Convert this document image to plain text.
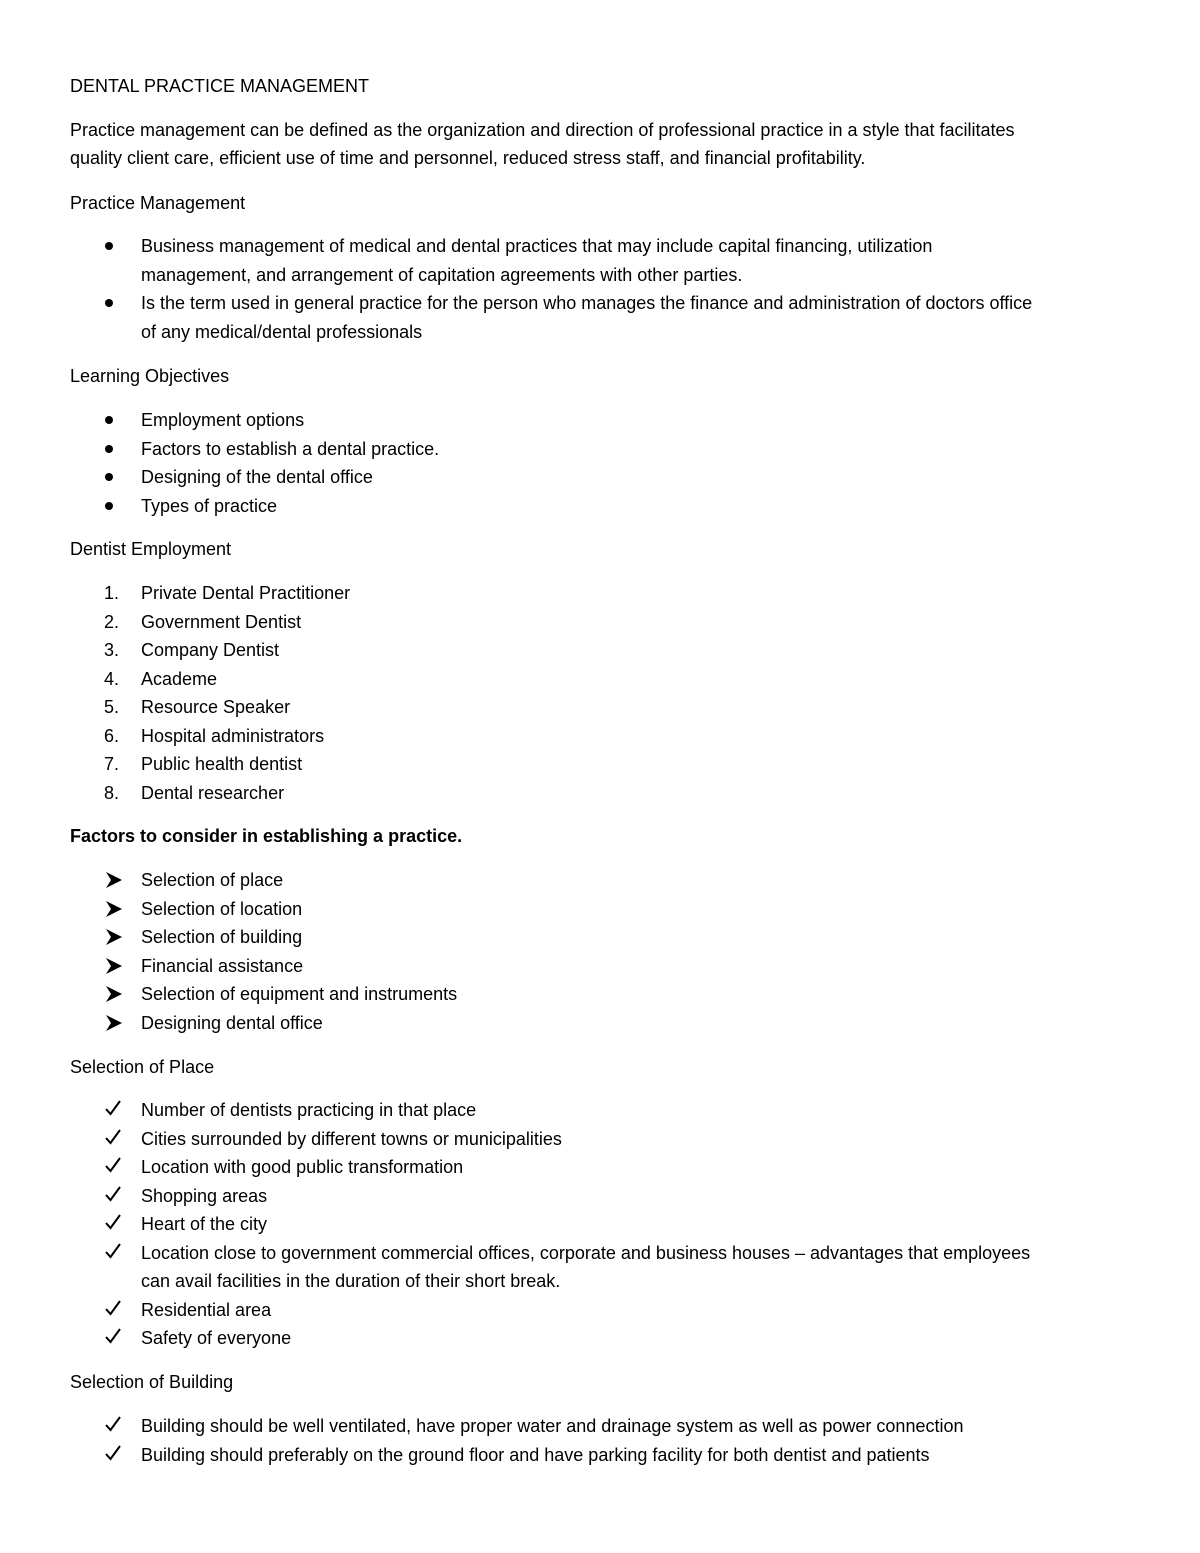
DENTAL PRACTICE MANAGEMENT

Practice management can be defined as the organization and direction of professional practice in a style that facilitates

quality client care, efficient use of time and personnel, reduced stress staff, and financial profitability.

Practice Management

Business management of medical and dental practices that may include capital financing, utilization
management, and arrangement of capitation agreements with other parties.
Is the term used in general practice for the person who manages the finance and administration of doctors office
of any medical/dental professionals

Learning Objectives

Employment options
Factors to establish a dental practice.
Designing of the dental office
Types of practice

Dentist Employment

1.	Private Dental Practitioner
2.	Government Dentist
3.	Company Dentist
4.	Academe
5.	Resource Speaker
6.	Hospital administrators
7.	Public health dentist
8.	Dental researcher

Factors to consider in establishing a practice.

Selection of place
Selection of location
Selection of building
Financial assistance
Selection of equipment and instruments
Designing dental office

Selection of Place

Number of dentists practicing in that place
Cities surrounded by different towns or municipalities
Location with good public transformation
Shopping areas
Heart of the city
Location close to government commercial offices, corporate and business houses – advantages that employees
can avail facilities in the duration of their short break.
Residential area
Safety of everyone

Selection of Building

Building should be well ventilated, have proper water and drainage system as well as power connection
Building should preferably on the ground floor and have parking facility for both dentist and patients
